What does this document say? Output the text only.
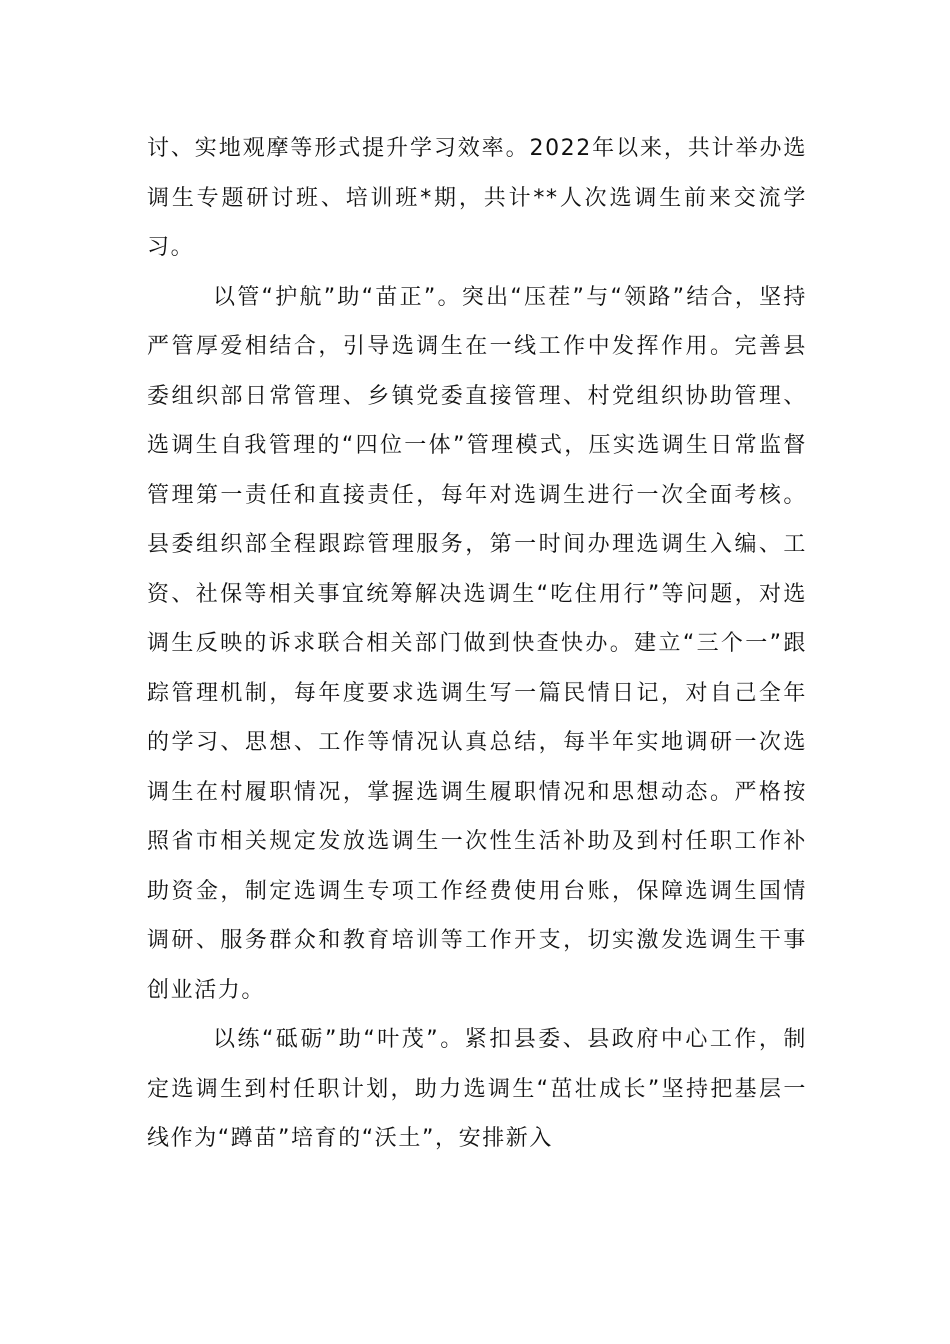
讨、实地观摩等形式提升学习效率。2022年以来，共计举办选调生专题研讨班、培训班*期，共计**人次选调生前来交流学习。

以管“护航”助“苗正”。突出“压茬”与“领路”结合，坚持严管厚爱相结合，引导选调生在一线工作中发挥作用。完善县委组织部日常管理、乡镇党委直接管理、村党组织协助管理、选调生自我管理的“四位一体”管理模式，压实选调生日常监督管理第一责任和直接责任，每年对选调生进行一次全面考核。县委组织部全程跟踪管理服务，第一时间办理选调生入编、工资、社保等相关事宜统筹解决选调生“吃住用行”等问题，对选调生反映的诉求联合相关部门做到快查快办。建立“三个一”跟踪管理机制，每年度要求选调生写一篇民情日记，对自己全年的学习、思想、工作等情况认真总结，每半年实地调研一次选调生在村履职情况，掌握选调生履职情况和思想动态。严格按照省市相关规定发放选调生一次性生活补助及到村任职工作补助资金，制定选调生专项工作经费使用台账，保障选调生国情调研、服务群众和教育培训等工作开支，切实激发选调生干事创业活力。

以练“砥砺”助“叶茂”。紧扣县委、县政府中心工作，制定选调生到村任职计划，助力选调生“茁壮成长”坚持把基层一线作为“蹲苗”培育的“沃土”，安排新入
